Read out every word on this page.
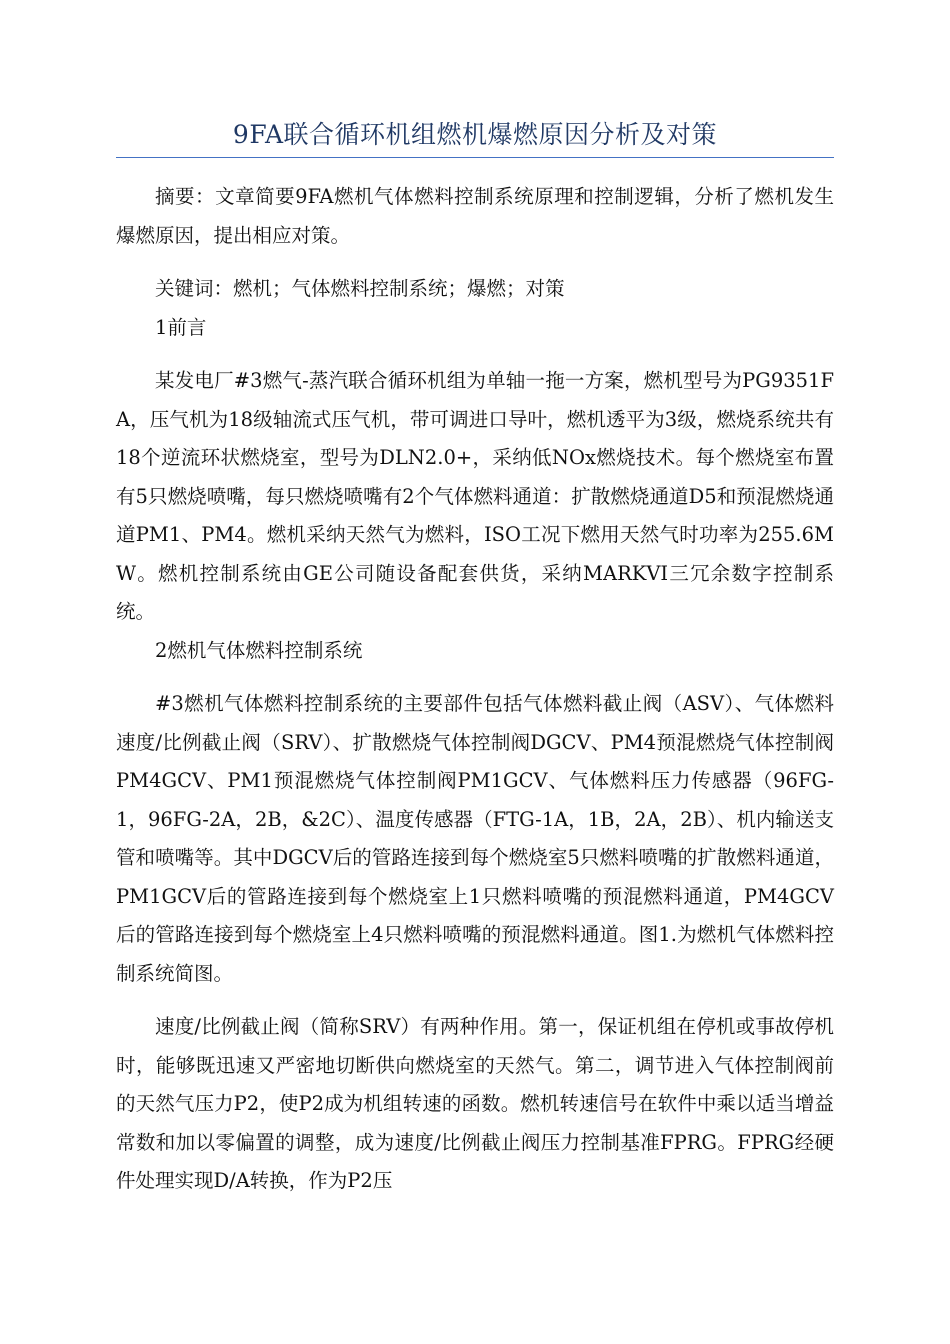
9FA联合循环机组燃机爆燃原因分析及对策

摘要：文章简要9FA燃机气体燃料控制系统原理和控制逻辑，分析了燃机发生爆燃原因，提出相应对策。

关键词：燃机；气体燃料控制系统；爆燃；对策

1前言

某发电厂#3燃气-蒸汽联合循环机组为单轴一拖一方案，燃机型号为PG9351FA，压气机为18级轴流式压气机，带可调进口导叶，燃机透平为3级，燃烧系统共有18个逆流环状燃烧室，型号为DLN2.0+，采纳低NOx燃烧技术。每个燃烧室布置有5只燃烧喷嘴，每只燃烧喷嘴有2个气体燃料通道：扩散燃烧通道D5和预混燃烧通道PM1、PM4。燃机采纳天然气为燃料，ISO工况下燃用天然气时功率为255.6MW。燃机控制系统由GE公司随设备配套供货，采纳MARKVI三冗余数字控制系统。

2燃机气体燃料控制系统

#3燃机气体燃料控制系统的主要部件包括气体燃料截止阀（ASV）、气体燃料速度/比例截止阀（SRV）、扩散燃烧气体控制阀DGCV、PM4预混燃烧气体控制阀PM4GCV、PM1预混燃烧气体控制阀PM1GCV、气体燃料压力传感器（96FG-1，96FG-2A，2B，&2C）、温度传感器（FTG-1A，1B，2A，2B）、机内输送支管和喷嘴等。其中DGCV后的管路连接到每个燃烧室5只燃料喷嘴的扩散燃料通道，PM1GCV后的管路连接到每个燃烧室上1只燃料喷嘴的预混燃料通道，PM4GCV后的管路连接到每个燃烧室上4只燃料喷嘴的预混燃料通道。图1.为燃机气体燃料控制系统简图。

速度/比例截止阀（简称SRV）有两种作用。第一，保证机组在停机或事故停机时，能够既迅速又严密地切断供向燃烧室的天然气。第二，调节进入气体控制阀前的天然气压力P2，使P2成为机组转速的函数。燃机转速信号在软件中乘以适当增益常数和加以零偏置的调整，成为速度/比例截止阀压力控制基准FPRG。FPRG经硬件处理实现D/A转换，作为P2压
